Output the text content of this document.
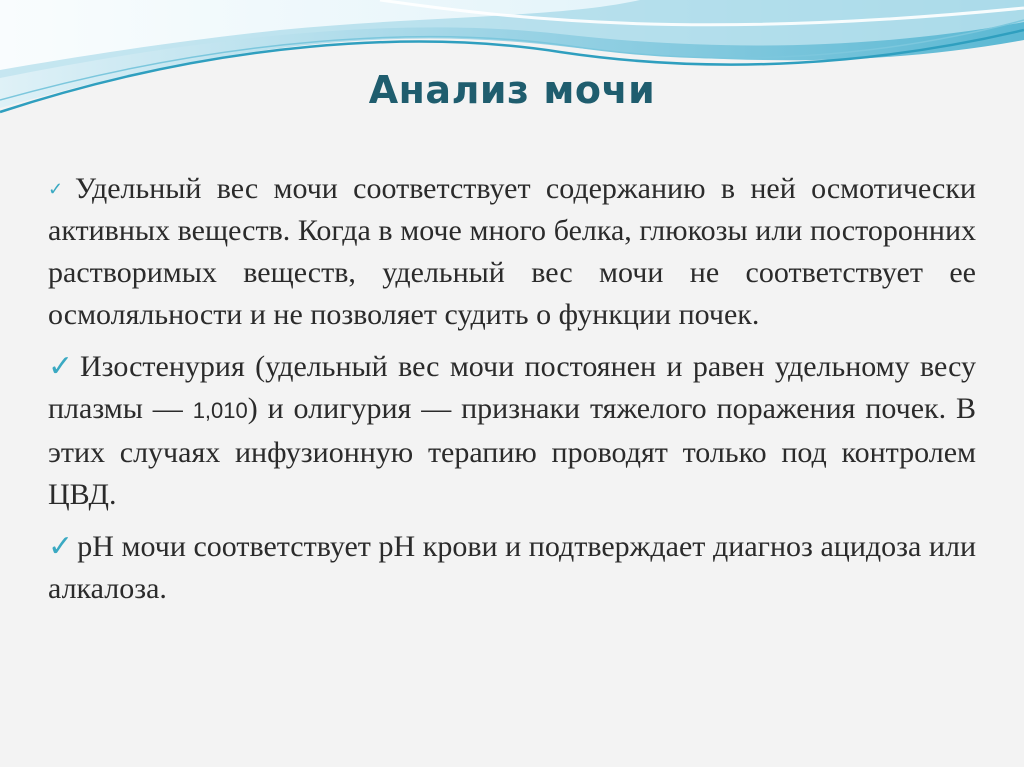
Анализ мочи

✓ Удельный вес мочи соответствует содержанию в ней осмотически активных веществ. Когда в моче много белка, глюкозы или посторонних растворимых веществ, удельный вес мочи не соответствует ее осмоляльности и не позволяет судить о функции почек.

✓ Изостенурия (удельный вес мочи постоянен и равен удельному весу плазмы — 1,010) и олигурия — признаки тяжелого поражения почек. В этих случаях инфузионную терапию проводят только под контролем ЦВД.

✓ pH мочи соответствует pH крови и подтверждает диагноз ацидоза или алкалоза.
